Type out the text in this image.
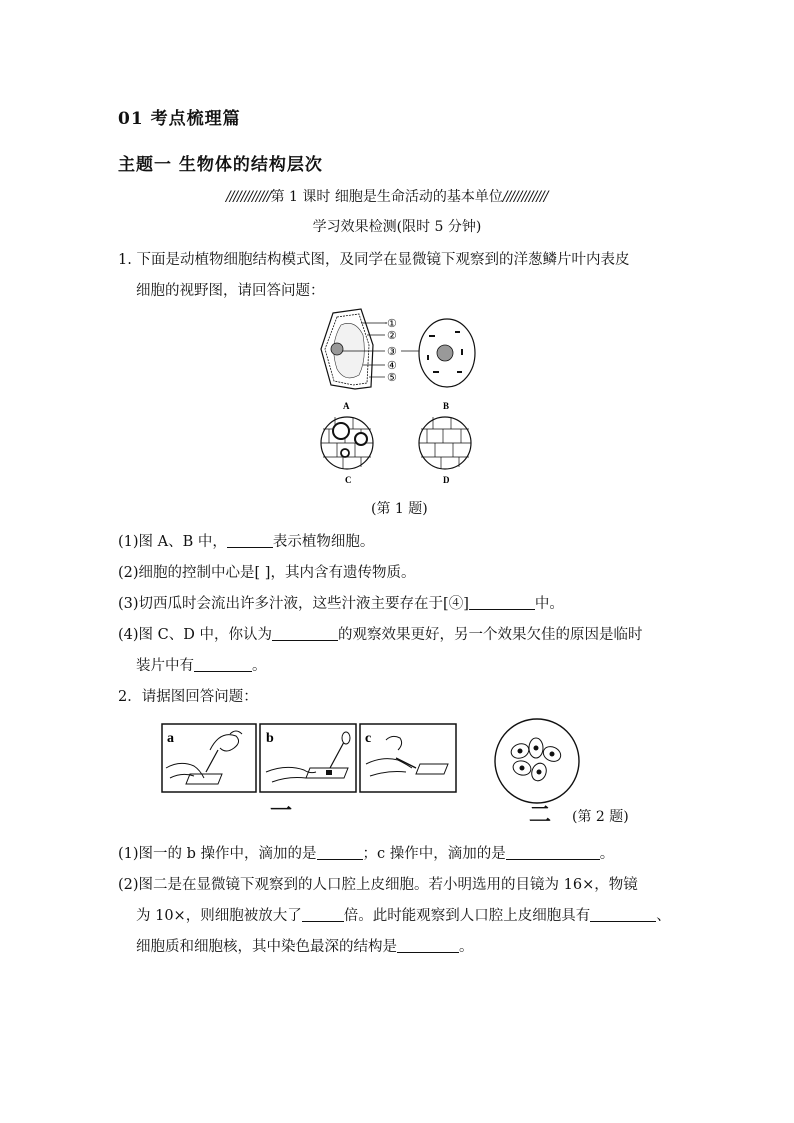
01 考点梳理篇
主题一 生物体的结构层次
////////////第 1 课时 细胞是生命活动的基本单位////////////
学习效果检测(限时 5 分钟)
1. 下面是动植物细胞结构模式图，及同学在显微镜下观察到的洋葱鳞片叶内表皮
细胞的视野图，请回答问题：
①
②
③
④
⑤
A	B
C	D
(第 1 题)
(1)图 A、B 中，	表示植物细胞。
(2)细胞的控制中心是[ ]，其内含有遗传物质。
(3)切西瓜时会流出许多汁液，这些汁液主要存在于[④]	中。
(4)图 C、D 中，你认为	的观察效果更好，另一个效果欠佳的原因是临时
装片中有	。
2．请据图回答问题：
a	b	c
一	二 (第 2 题)
(1)图一的 b 操作中，滴加的是	；c 操作中，滴加的是	。
(2)图二是在显微镜下观察到的人口腔上皮细胞。若小明选用的目镜为 16×，物镜
为 10×，则细胞被放大了	倍。此时能观察到人口腔上皮细胞具有	、
细胞质和细胞核，其中染色最深的结构是	。
